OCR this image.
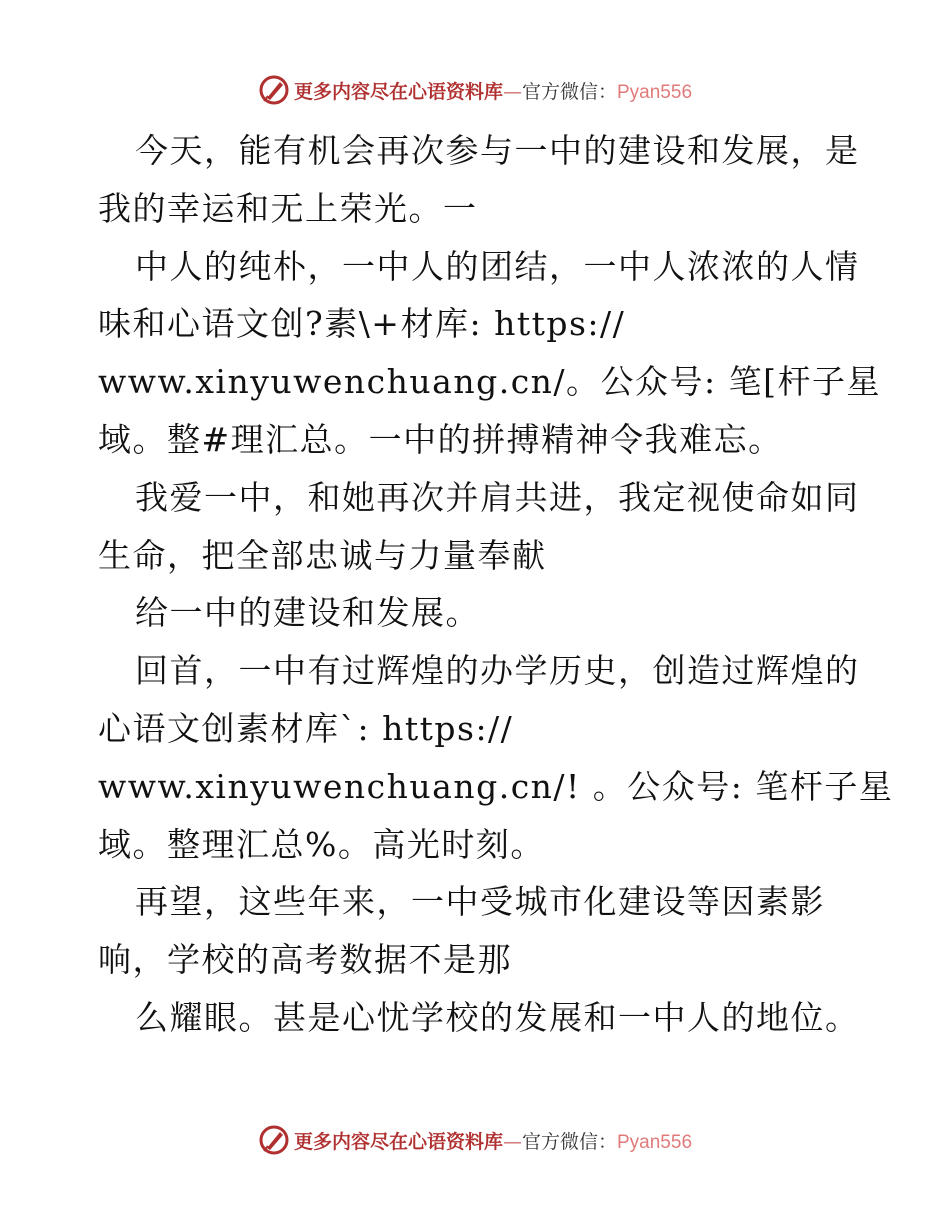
更多内容尽在心语资料库—官方微信：Pyan556
今天，能有机会再次参与一中的建设和发展，是
我的幸运和无上荣光。一
中人的纯朴，一中人的团结，一中人浓浓的人情
味和心语文创?素\+材库: https://
www.xinyuwenchuang.cn/。公众号: 笔[杆子星
域。整#理汇总。一中的拼搏精神令我难忘。
我爱一中，和她再次并肩共进，我定视使命如同
生命，把全部忠诚与力量奉献
给一中的建设和发展。
回首，一中有过辉煌的办学历史，创造过辉煌的
心语文创素材库`: https://
www.xinyuwenchuang.cn/! 。公众号: 笔杆子星
域。整理汇总%。高光时刻。
再望，这些年来，一中受城市化建设等因素影
响，学校的高考数据不是那
么耀眼。甚是心忧学校的发展和一中人的地位。
更多内容尽在心语资料库—官方微信：Pyan556
